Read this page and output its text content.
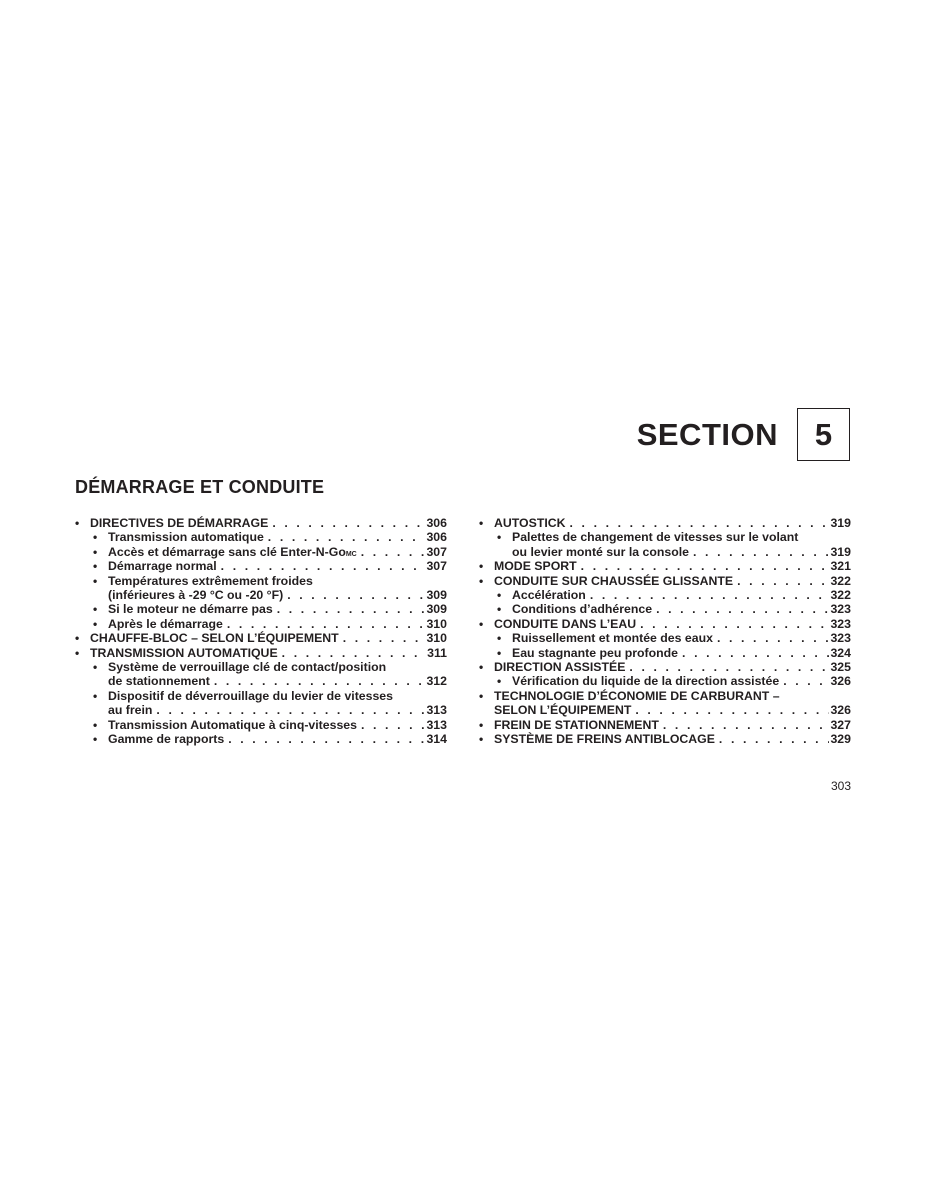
SECTION 5
DÉMARRAGE ET CONDUITE
• DIRECTIVES DE DÉMARRAGE . . .	306
• Transmission automatique . . .	306
• Accès et démarrage sans clé Enter-N-Go MC . . .	307
• Démarrage normal . . .	307
• Températures extrêmement froides
(inférieures à -29 °C ou -20 °F) . . .	309
• Si le moteur ne démarre pas . . .	309
• Après le démarrage . . .	310
• CHAUFFE-BLOC – SELON L’ÉQUIPEMENT . . .	310
• TRANSMISSION AUTOMATIQUE . . .	311
• Système de verrouillage clé de contact/position
de stationnement . . .	312
• Dispositif de déverrouillage du levier de vitesses
au frein . . .	313
• Transmission Automatique à cinq-vitesses . . .	313
• Gamme de rapports . . .	314
• AUTOSTICK . . .	319
• Palettes de changement de vitesses sur le volant
ou levier monté sur la console . . .	319
• MODE SPORT . . .	321
• CONDUITE SUR CHAUSSÉE GLISSANTE . . .	322
• Accélération . . .	322
• Conditions d’adhérence . . .	323
• CONDUITE DANS L’EAU . . .	323
• Ruissellement et montée des eaux . . .	323
• Eau stagnante peu profonde . . .	324
• DIRECTION ASSISTÉE . . .	325
• Vérification du liquide de la direction assistée . . .	326
• TECHNOLOGIE D’ÉCONOMIE DE CARBURANT –
SELON L’ÉQUIPEMENT . . .	326
• FREIN DE STATIONNEMENT . . .	327
• SYSTÈME DE FREINS ANTIBLOCAGE . . .	329
303
